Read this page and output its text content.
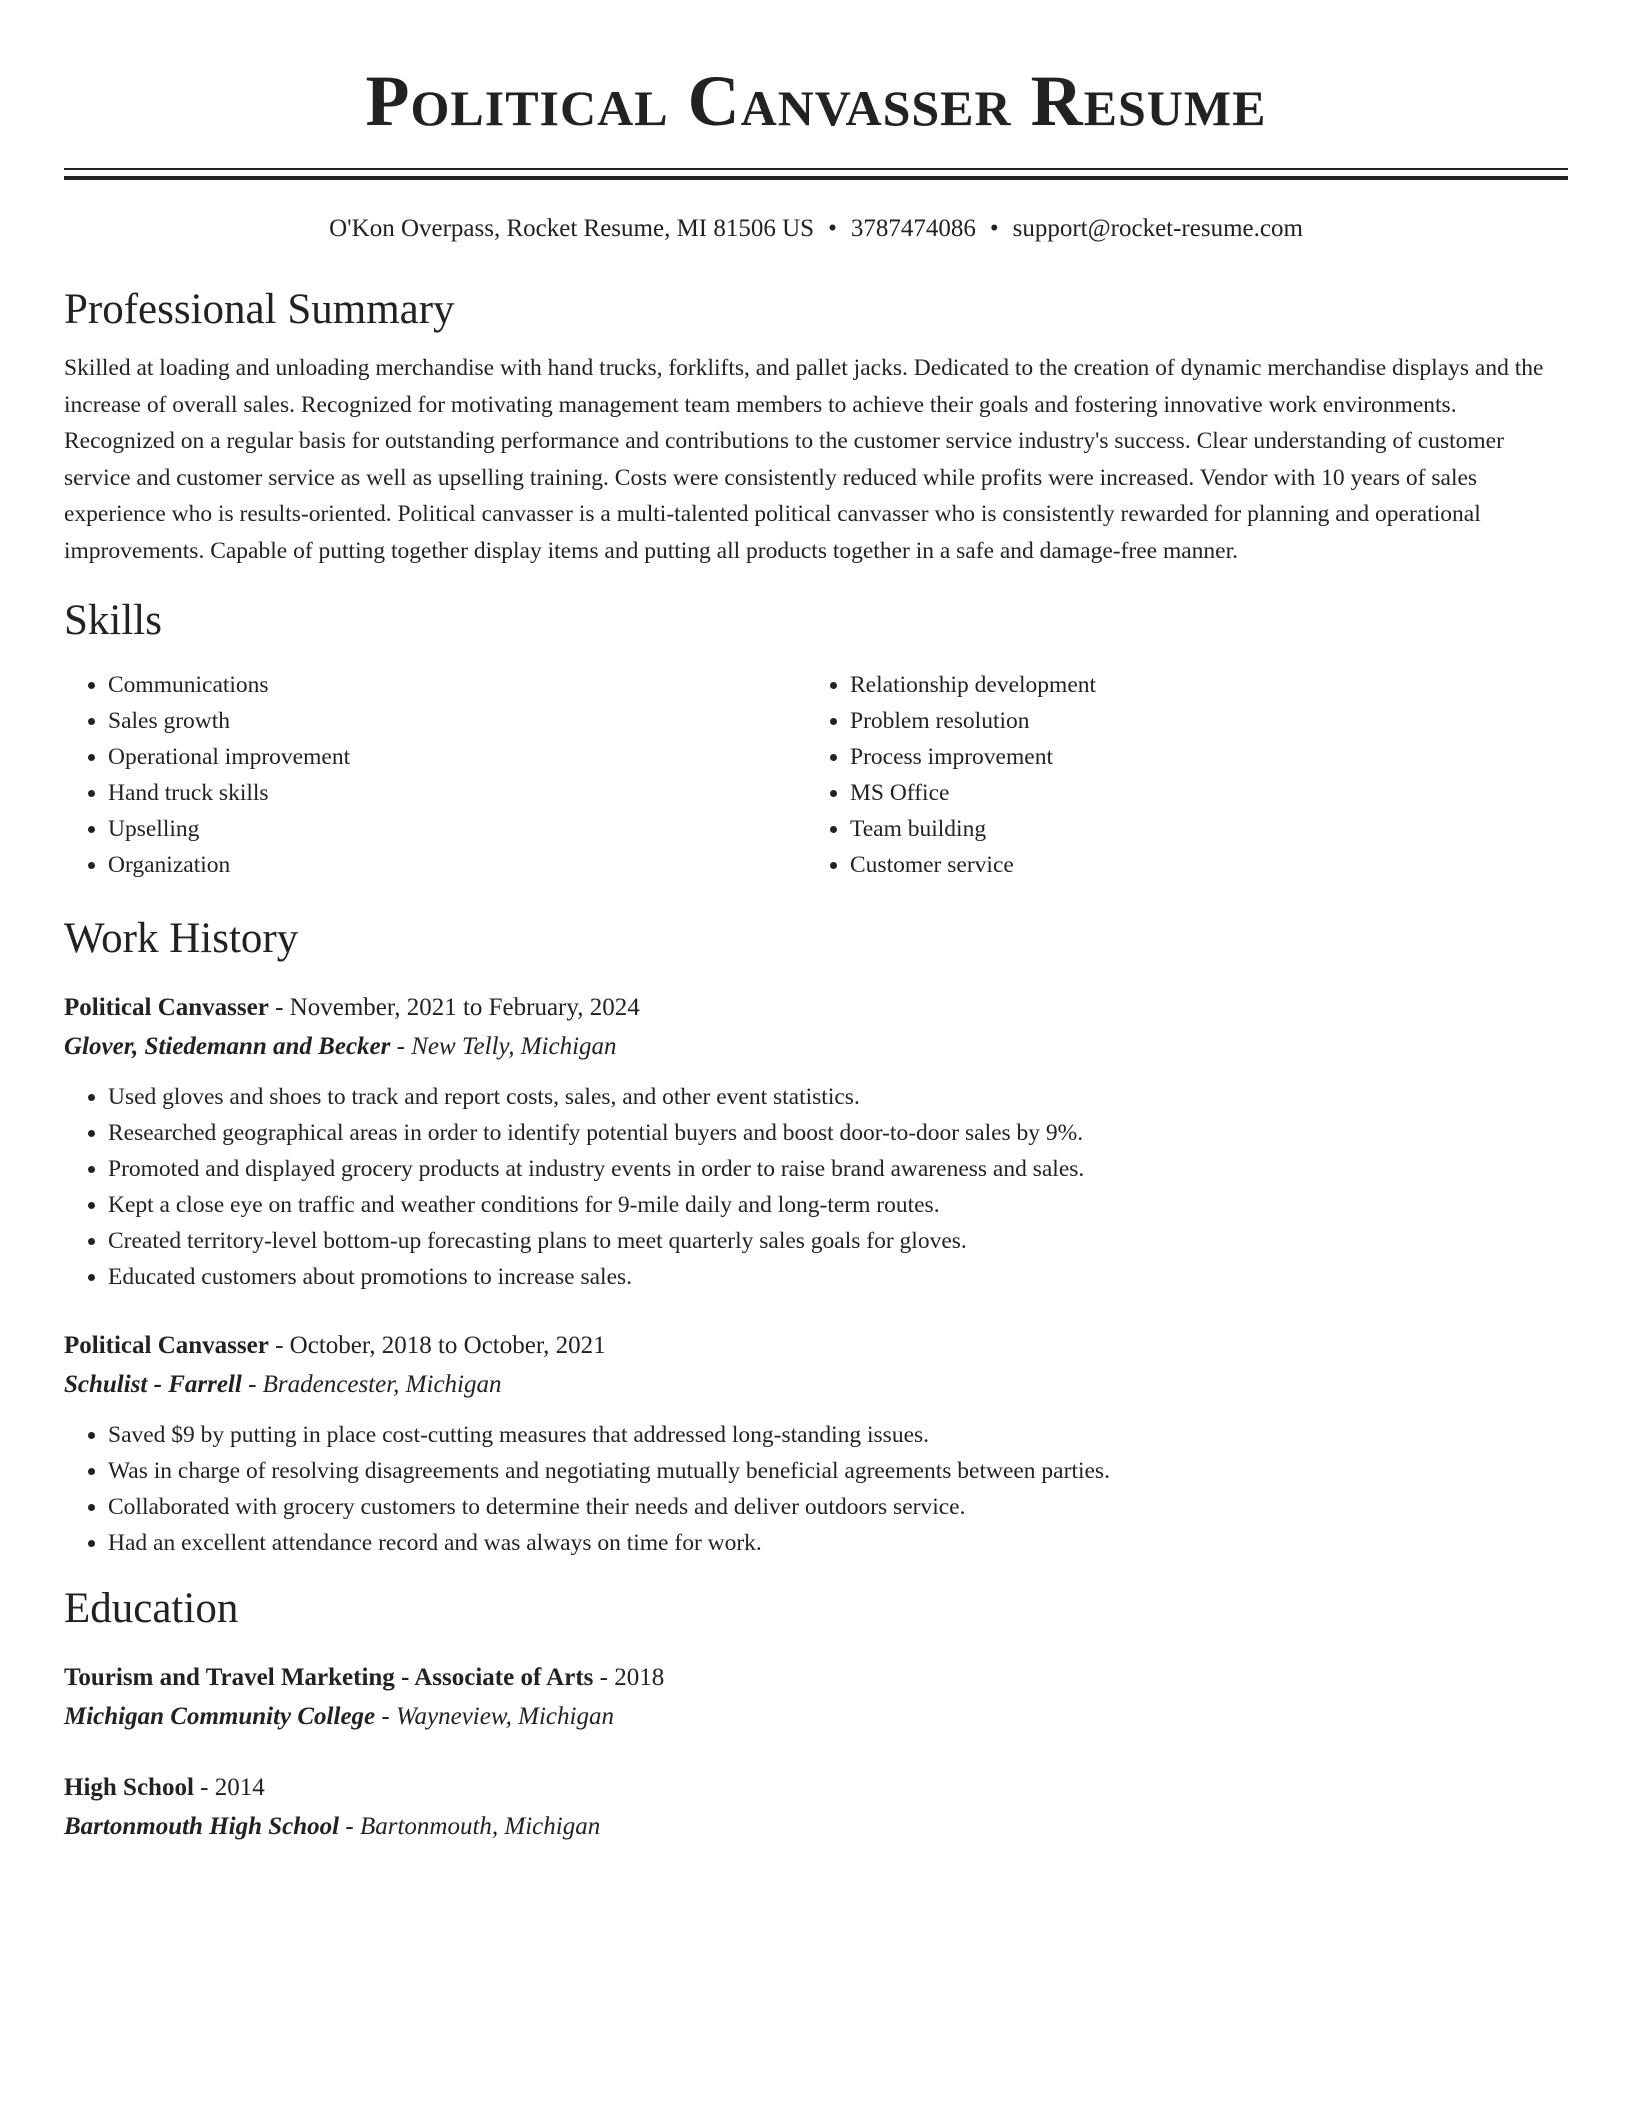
Political Canvasser Resume
O'Kon Overpass, Rocket Resume, MI 81506 US • 3787474086 • support@rocket-resume.com
Professional Summary

Skilled at loading and unloading merchandise with hand trucks, forklifts, and pallet jacks. Dedicated to the creation of dynamic merchandise displays and the increase of overall sales. Recognized for motivating management team members to achieve their goals and fostering innovative work environments. Recognized on a regular basis for outstanding performance and contributions to the customer service industry's success. Clear understanding of customer service and customer service as well as upselling training. Costs were consistently reduced while profits were increased. Vendor with 10 years of sales experience who is results-oriented. Political canvasser is a multi-talented political canvasser who is consistently rewarded for planning and operational improvements. Capable of putting together display items and putting all products together in a safe and damage-free manner.

Skills
• Communications
• Sales growth
• Operational improvement
• Hand truck skills
• Upselling
• Organization
• Relationship development
• Problem resolution
• Process improvement
• MS Office
• Team building
• Customer service
Work History
Political Canvasser - November, 2021 to February, 2024
Glover, Stiedemann and Becker - New Telly, Michigan
• Used gloves and shoes to track and report costs, sales, and other event statistics.
• Researched geographical areas in order to identify potential buyers and boost door-to-door sales by 9%.
• Promoted and displayed grocery products at industry events in order to raise brand awareness and sales.
• Kept a close eye on traffic and weather conditions for 9-mile daily and long-term routes.
• Created territory-level bottom-up forecasting plans to meet quarterly sales goals for gloves.
• Educated customers about promotions to increase sales.
Political Canvasser - October, 2018 to October, 2021
Schulist - Farrell - Bradencester, Michigan
• Saved $9 by putting in place cost-cutting measures that addressed long-standing issues.
• Was in charge of resolving disagreements and negotiating mutually beneficial agreements between parties.
• Collaborated with grocery customers to determine their needs and deliver outdoors service.
• Had an excellent attendance record and was always on time for work.
Education
Tourism and Travel Marketing - Associate of Arts - 2018
Michigan Community College - Wayneview, Michigan
High School - 2014
Bartonmouth High School - Bartonmouth, Michigan
